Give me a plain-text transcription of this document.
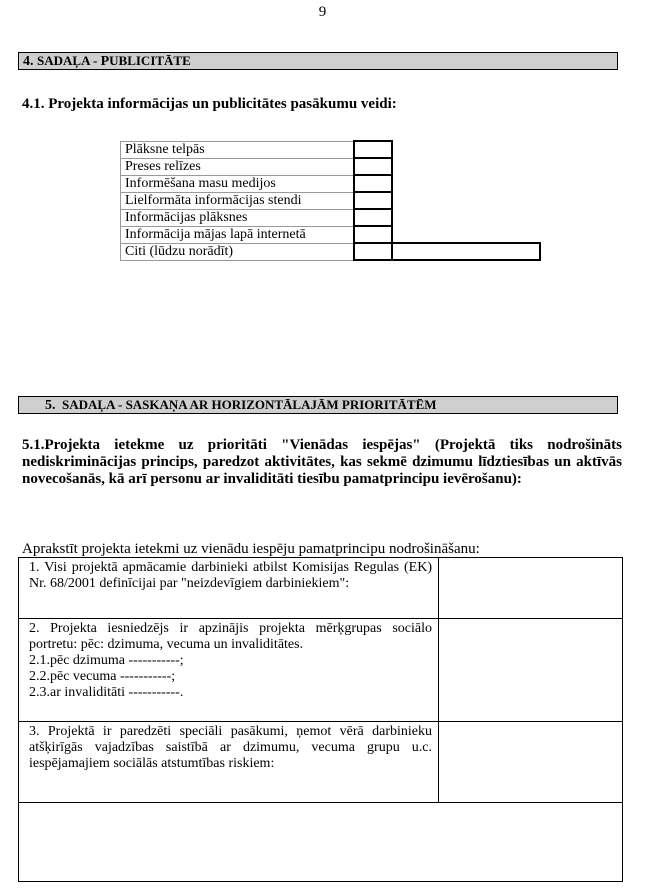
9
4. SADAĻA - PUBLICITĀTE
4.1. Projekta informācijas un publicitātes pasākumu veidi:
Plāksne telpās		
Preses relīzes		
Informēšana masu medijos		
Lielformāta informācijas stendi		
Informācijas plāksnes		
Informācija mājas lapā internetā		
Citi (lūdzu norādīt)		
5. SADAĻA - SASKAŅA AR HORIZONTĀLAJĀM PRIORITĀTĒM
5.1.Projekta ietekme uz prioritāti "Vienādas iespējas" (Projektā tiks nodrošināts nediskriminācijas princips, paredzot aktivitātes, kas sekmē dzimumu līdztiesības un aktīvās novecošanās, kā arī personu ar invaliditāti tiesību pamatprincipu ievērošanu):
Aprakstīt projekta ietekmi uz vienādu iespēju pamatprincipu nodrošināšanu:
1. Visi projektā apmācamie darbinieki atbilst Komisijas Regulas (EK) Nr. 68/2001 definīcijai par "neizdevīgiem darbiniekiem":	

2. Projekta iesniedzējs ir apzinājis projekta mērķgrupas sociālo portretu: pēc: dzimuma, vecuma un invaliditātes.
2.1.pēc dzimuma -----------;
2.2.pēc vecuma -----------;
2.3.ar invaliditāti -----------.	

3. Projektā ir paredzēti speciāli pasākumi, ņemot vērā darbinieku atšķirīgās vajadzības saistībā ar dzimumu, vecuma grupu u.c. iespējamajiem sociālās atstumtības riskiem:	
